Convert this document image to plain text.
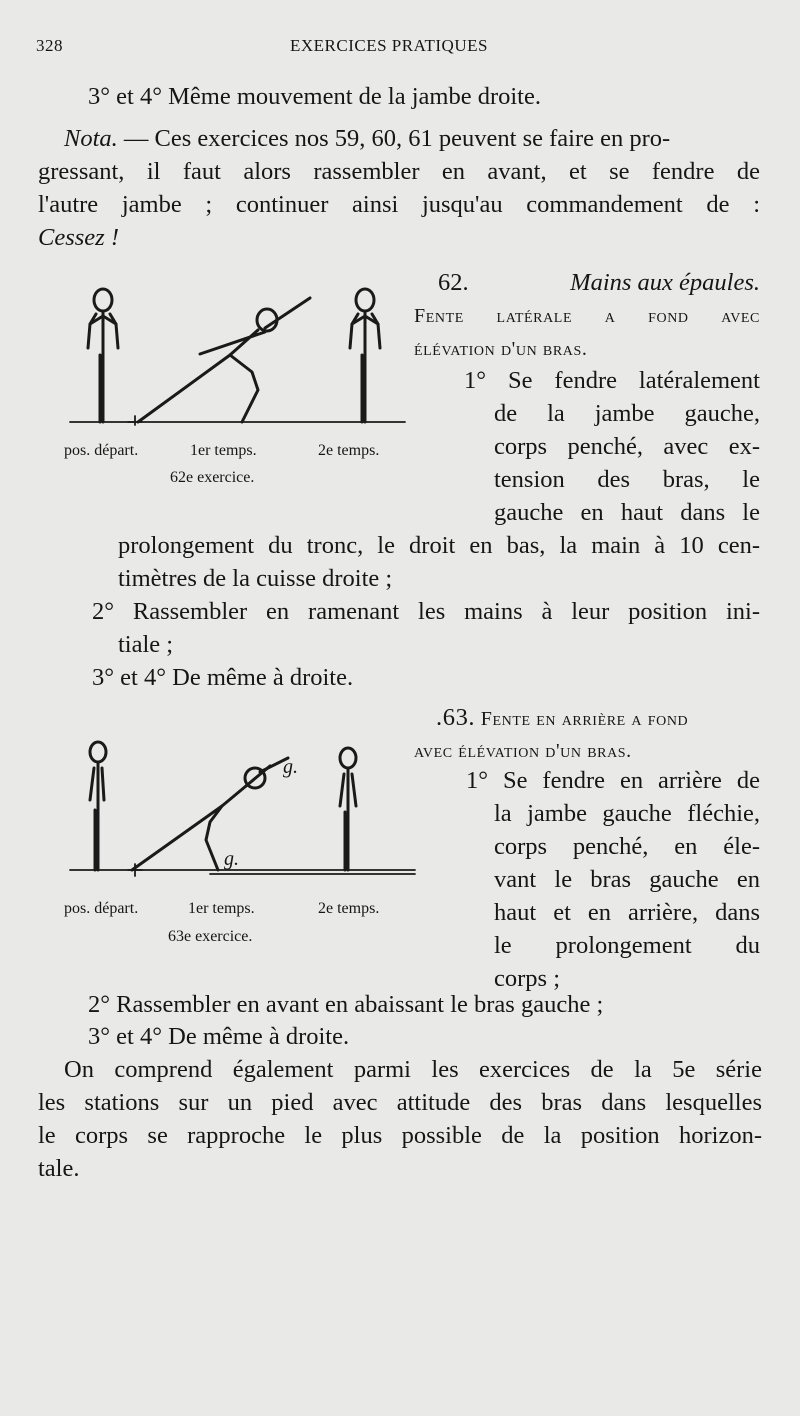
328	EXERCICES PRATIQUES
3° et 4° Même mouvement de la jambe droite.
Nota. — Ces exercices nos 59, 60, 61 peuvent se faire en pro-
gressant, il faut alors rassembler en avant, et se fendre de
l'autre jambe ; continuer ainsi jusqu'au commandement de :
Cessez !
62.	Mains aux épaules.
Fente latérale a fond avec
élévation d'un bras.
1° Se fendre latéralement
de la jambe gauche,
corps penché, avec ex-
tension des bras, le
gauche en haut dans le
prolongement du tronc, le droit en bas, la main à 10 cen-
timètres de la cuisse droite ;
2° Rassembler en ramenant les mains à leur position ini-
tiale ;
3° et 4° De même à droite.
pos. départ.	1er temps.	2e temps.
62e exercice.
.63. Fente en arrière a fond
avec élévation d'un bras.
1° Se fendre en arrière de
la jambe gauche fléchie,
corps penché, en éle-
vant le bras gauche en
haut et en arrière, dans
le prolongement du
corps ;
2° Rassembler en avant en abaissant le bras gauche ;
3° et 4° De même à droite.
g.
g.
pos. départ.	1er temps.	2e temps.
63e exercice.
On comprend également parmi les exercices de la 5e série
les stations sur un pied avec attitude des bras dans lesquelles
le corps se rapproche le plus possible de la position horizon-
tale.
